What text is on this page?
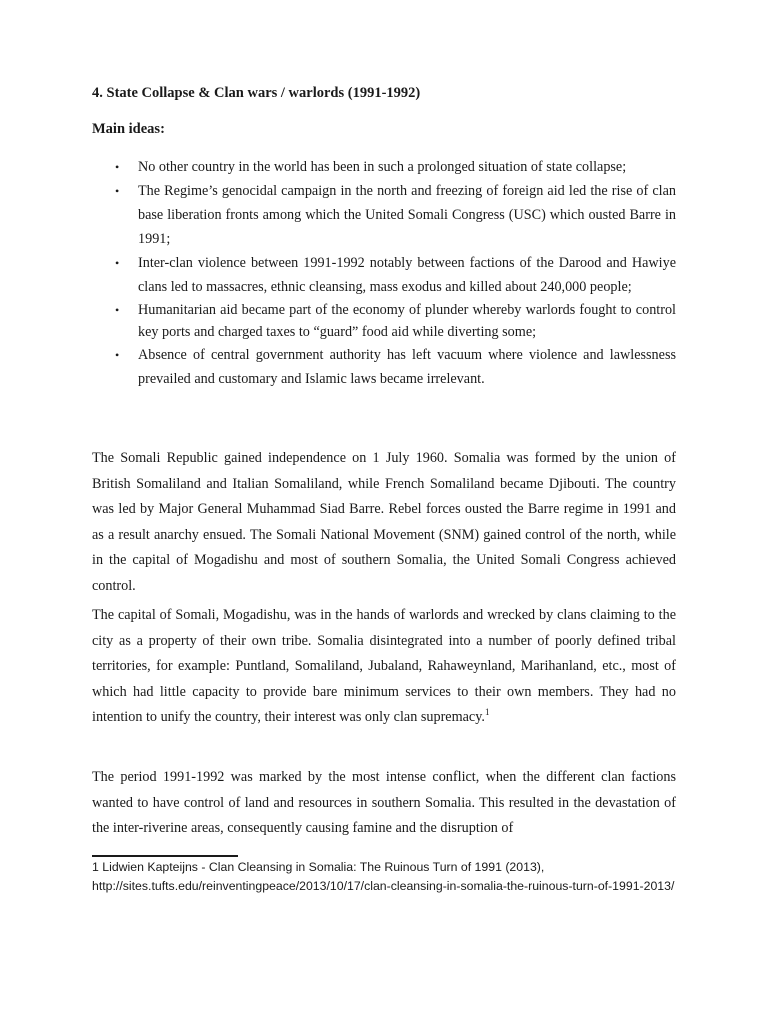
4. State Collapse & Clan wars / warlords (1991-1992)
Main ideas:
• No other country in the world has been in such a prolonged situation of state collapse;
• The Regime’s genocidal campaign in the north and freezing of foreign aid led the rise of clan base liberation fronts among which the United Somali Congress (USC) which ousted Barre in 1991;
• Inter-clan violence between 1991-1992 notably between factions of the Darood and Hawiye clans led to massacres, ethnic cleansing, mass exodus and killed about 240,000 people;
• Humanitarian aid became part of the economy of plunder whereby warlords fought to control key ports and charged taxes to “guard” food aid while diverting some;
• Absence of central government authority has left vacuum where violence and lawlessness prevailed and customary and Islamic laws became irrelevant.

The Somali Republic gained independence on 1 July 1960. Somalia was formed by the union of British Somaliland and Italian Somaliland, while French Somaliland became Djibouti. The country was led by Major General Muhammad Siad Barre. Rebel forces ousted the Barre regime in 1991 and as a result anarchy ensued. The Somali National Movement (SNM) gained control of the north, while in the capital of Mogadishu and most of southern Somalia, the United Somali Congress achieved control.

The capital of Somali, Mogadishu, was in the hands of warlords and wrecked by clans claiming to the city as a property of their own tribe. Somalia disintegrated into a number of poorly defined tribal territories, for example: Puntland, Somaliland, Jubaland, Rahaweynland, Marihanland, etc., most of which had little capacity to provide bare minimum services to their own members. They had no intention to unify the country, their interest was only clan supremacy.$^1$

The period 1991-1992 was marked by the most intense conflict, when the different clan factions wanted to have control of land and resources in southern Somalia. This resulted in the devastation of the inter-riverine areas, consequently causing famine and the disruption of

1 Lidwien Kapteijns - Clan Cleansing in Somalia: The Ruinous Turn of 1991 (2013), http://sites.tufts.edu/reinventingpeace/2013/10/17/clan-cleansing-in-somalia-the-ruinous-turn-of-1991-2013/
